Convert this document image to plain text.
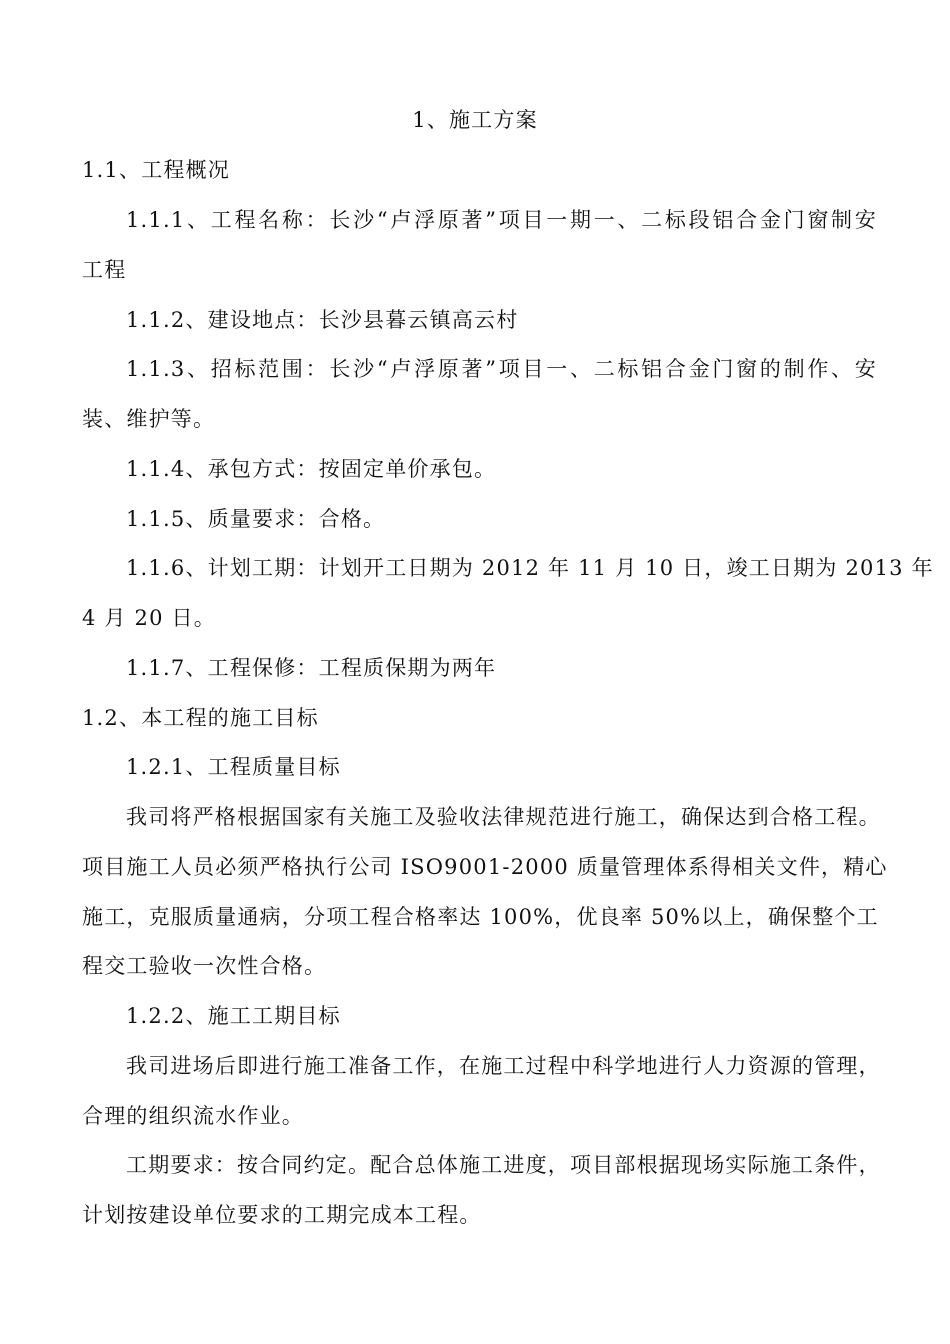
1、施工方案
1.1、工程概况
1.1.1、工程名称：长沙“卢浮原著”项目一期一、二标段铝合金门窗制安
工程
1.1.2、建设地点：长沙县暮云镇高云村
1.1.3、招标范围：长沙“卢浮原著”项目一、二标铝合金门窗的制作、安
装、维护等。
1.1.4、承包方式：按固定单价承包。
1.1.5、质量要求：合格。
1.1.6、计划工期：计划开工日期为 2012 年 11 月 10 日，竣工日期为 2013 年
4 月 20 日。
1.1.7、工程保修：工程质保期为两年
1.2、本工程的施工目标
1.2.1、工程质量目标
我司将严格根据国家有关施工及验收法律规范进行施工，确保达到合格工程。
项目施工人员必须严格执行公司 ISO9001-2000 质量管理体系得相关文件，精心
施工，克服质量通病，分项工程合格率达 100%，优良率 50%以上，确保整个工
程交工验收一次性合格。
1.2.2、施工工期目标
我司进场后即进行施工准备工作，在施工过程中科学地进行人力资源的管理，
合理的组织流水作业。
工期要求：按合同约定。配合总体施工进度，项目部根据现场实际施工条件，
计划按建设单位要求的工期完成本工程。
